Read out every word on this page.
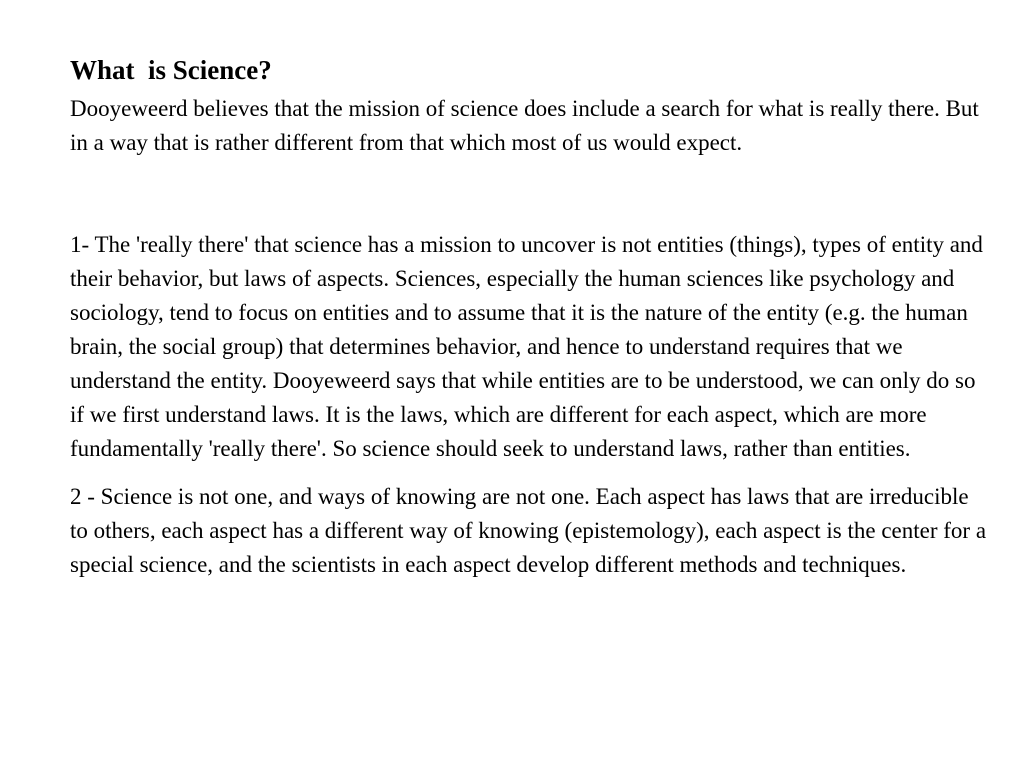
What  is Science?

Dooyeweerd believes that the mission of science does include a search for what is really there. But in a way that is rather different from that which most of us would expect.

1- The 'really there' that science has a mission to uncover is not entities (things), types of entity and their behavior, but laws of aspects. Sciences, especially the human sciences like psychology and sociology, tend to focus on entities and to assume that it is the nature of the entity (e.g. the human brain, the social group) that determines behavior, and hence to understand requires that we understand the entity. Dooyeweerd says that while entities are to be understood, we can only do so if we first understand laws. It is the laws, which are different for each aspect, which are more fundamentally 'really there'. So science should seek to understand laws, rather than entities.

2 - Science is not one, and ways of knowing are not one. Each aspect has laws that are irreducible to others, each aspect has a different way of knowing (epistemology), each aspect is the center for a special science, and the scientists in each aspect develop different methods and techniques.
